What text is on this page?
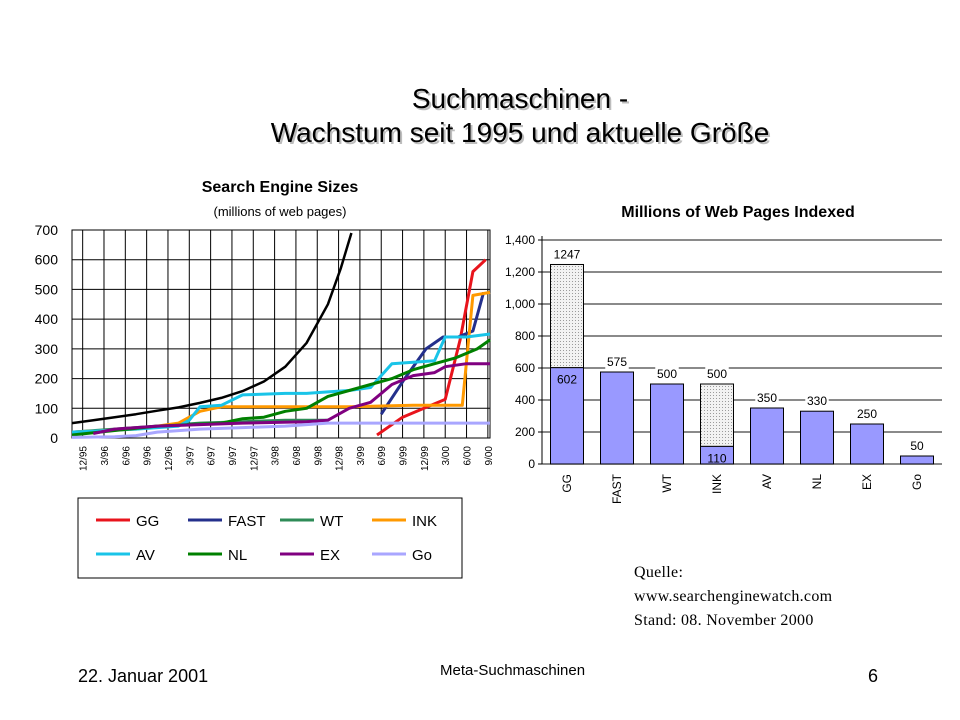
Suchmaschinen -
Wachstum seit 1995 und aktuelle Größe
Search Engine Sizes
(millions of web pages)
0
100
200
300
400
500
600
700
12/95 3/96 6/96 9/96 12/96 3/97 6/97 9/97 12/97 3/98 6/98 9/98 12/98 3/99 6/99 9/99 12/99 3/00 6/00 9/00
GG	FAST	WT	INK
AV	NL	EX	Go
Millions of Web Pages Indexed
0
200
400
600
800
1,000
1,200
1,400
1247
602
GG
575
FAST
500
WT
500
110
INK
350
AV
330
NL
250
EX
50
Go
Quelle:
www.searchenginewatch.com
Stand: 08. November 2000
22. Januar 2001	Meta-Suchmaschinen	6
